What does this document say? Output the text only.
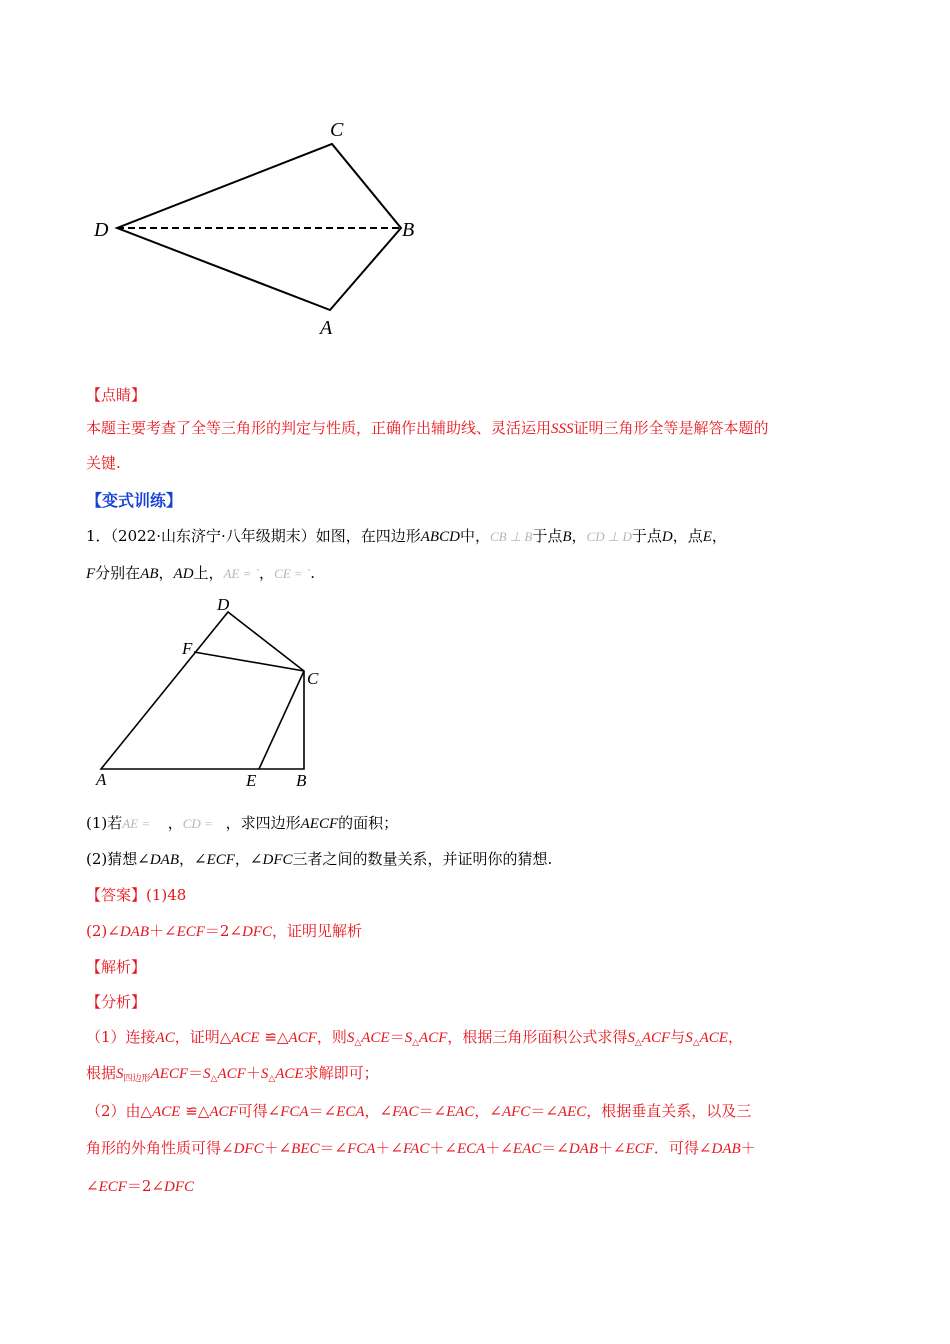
C
D	B
A
【点睛】
本题主要考查了全等三角形的判定与性质，正确作出辅助线、灵活运用SSS证明三角形全等是解答本题的
关键.
【变式训练】
1．（2022·山东济宁·八年级期末）如图，在四边形ABCD中，CB ⊥ B于点B，CD ⊥ D于点D，点E，
F分别在AB，AD上，AE = `，CE = `.
D
F
C
A	E B
(1)若AE =    ，CD =   ，求四边形AECF的面积；
(2)猜想∠DAB，∠ECF，∠DFC三者之间的数量关系，并证明你的猜想.
【答案】(1)48
(2)∠DAB＋∠ECF＝2∠DFC，证明见解析
【解析】
【分析】
（1）连接AC，证明△ACE ≌△ACF，则$S_\triangle ACE=S_\triangle ACF$，根据三角形面积公式求得$S_\triangle ACF$与$S_\triangle ACE$，
根据$S_{四边形}AECF=S_\triangle ACF+S_\triangle ACE$求解即可；
（2）由△ACE ≌△ACF可得∠FCA＝∠ECA，∠FAC＝∠EAC，∠AFC＝∠AEC，根据垂直关系，以及三
角形的外角性质可得∠DFC＋∠BEC＝∠FCA＋∠FAC＋∠ECA＋∠EAC＝∠DAB＋∠ECF．可得∠DAB＋
∠ECF＝2∠DFC
